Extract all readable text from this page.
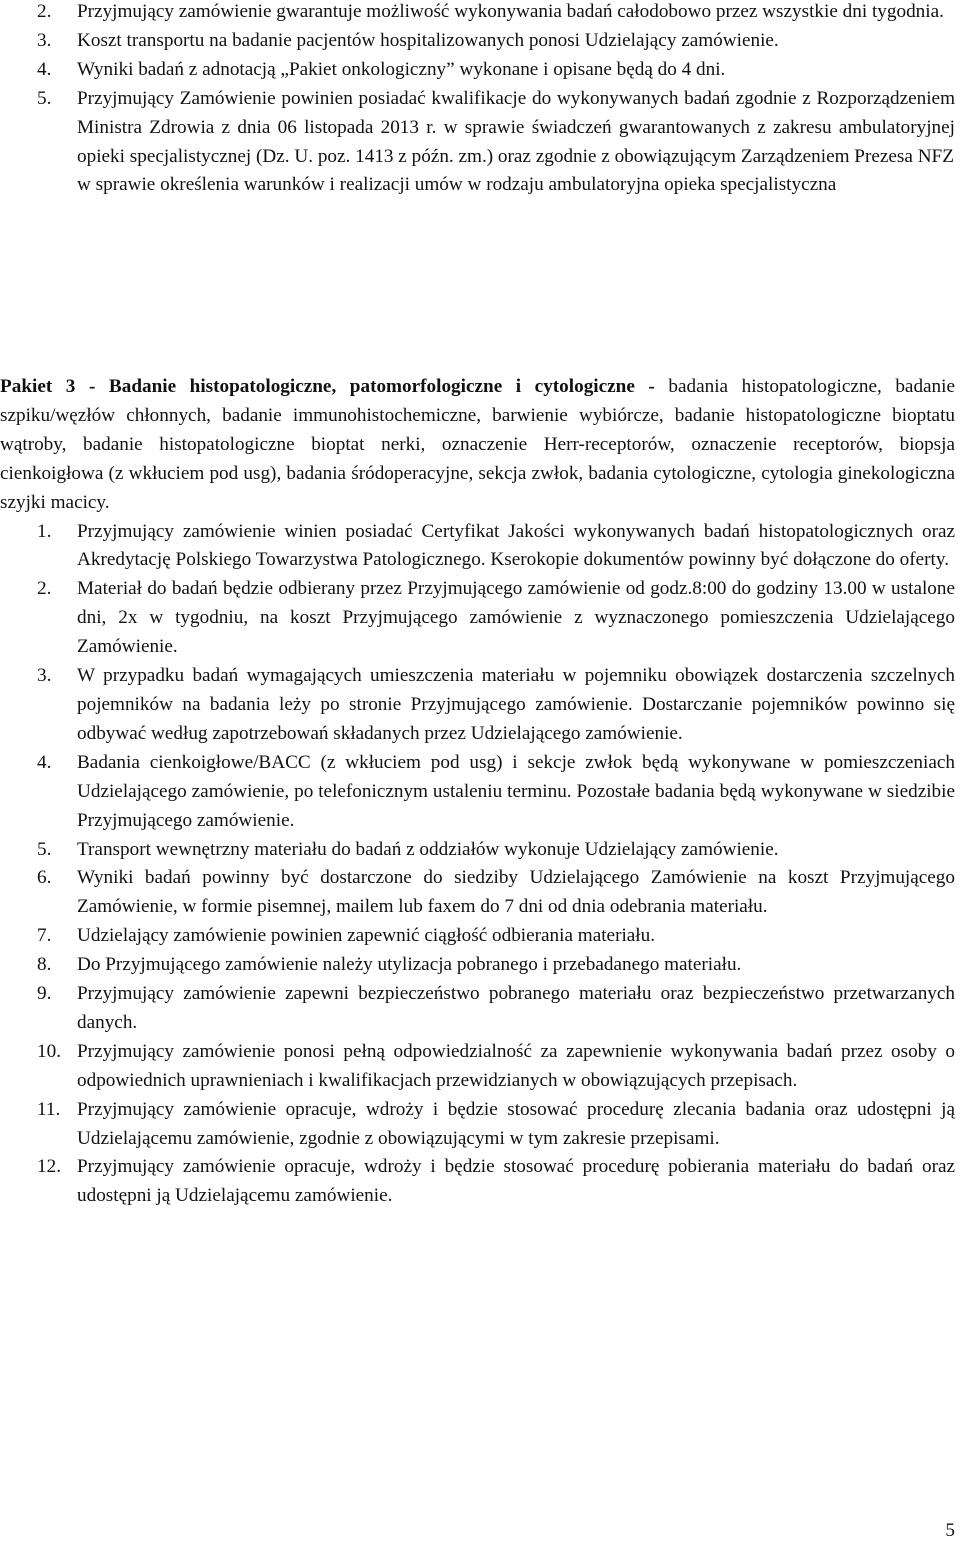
2. Przyjmujący zamówienie gwarantuje możliwość wykonywania badań całodobowo przez wszystkie dni tygodnia.
3. Koszt transportu na badanie pacjentów hospitalizowanych ponosi Udzielający zamówienie.
4. Wyniki badań z adnotacją „Pakiet onkologiczny” wykonane i opisane będą do 4 dni.
5. Przyjmujący Zamówienie powinien posiadać kwalifikacje do wykonywanych badań zgodnie z Rozporządzeniem Ministra Zdrowia z dnia 06 listopada 2013 r. w sprawie świadczeń gwarantowanych z zakresu ambulatoryjnej opieki specjalistycznej (Dz. U. poz. 1413 z późn. zm.) oraz zgodnie z obowiązującym Zarządzeniem Prezesa NFZ
w sprawie określenia warunków i realizacji umów w rodzaju ambulatoryjna opieka specjalistyczna

Pakiet 3 - Badanie histopatologiczne, patomorfologiczne i cytologiczne - badania histopatologiczne, badanie szpiku/węzłów chłonnych, badanie immunohistochemiczne, barwienie wybiórcze, badanie histopatologiczne bioptatu wątroby, badanie histopatologiczne bioptat nerki, oznaczenie Herr-receptorów, oznaczenie receptorów, biopsja cienkoigłowa (z wkłuciem pod usg), badania śródoperacyjne, sekcja zwłok, badania cytologiczne, cytologia ginekologiczna szyjki macicy.

1. Przyjmujący zamówienie winien posiadać Certyfikat Jakości wykonywanych badań histopatologicznych oraz Akredytację Polskiego Towarzystwa Patologicznego. Kserokopie dokumentów powinny być dołączone do oferty.
2. Materiał do badań będzie odbierany przez Przyjmującego zamówienie od godz.8:00 do godziny 13.00 w ustalone dni, 2x w tygodniu, na koszt Przyjmującego zamówienie z wyznaczonego pomieszczenia Udzielającego Zamówienie.
3. W przypadku badań wymagających umieszczenia materiału w pojemniku obowiązek dostarczenia szczelnych pojemników na badania leży po stronie Przyjmującego zamówienie. Dostarczanie pojemników powinno się odbywać według zapotrzebowań składanych przez Udzielającego zamówienie.
4. Badania cienkoigłowe/BACC (z wkłuciem pod usg) i sekcje zwłok będą wykonywane w pomieszczeniach Udzielającego zamówienie, po telefonicznym ustaleniu terminu. Pozostałe badania będą wykonywane w siedzibie Przyjmującego zamówienie.
5. Transport wewnętrzny materiału do badań z oddziałów wykonuje Udzielający zamówienie.
6. Wyniki badań powinny być dostarczone do siedziby Udzielającego Zamówienie na koszt Przyjmującego Zamówienie, w formie pisemnej, mailem lub faxem do 7 dni od dnia odebrania materiału.
7. Udzielający zamówienie powinien zapewnić ciągłość odbierania materiału.
8. Do Przyjmującego zamówienie należy utylizacja pobranego i przebadanego materiału.
9. Przyjmujący zamówienie zapewni bezpieczeństwo pobranego materiału oraz bezpieczeństwo przetwarzanych danych.
10. Przyjmujący zamówienie ponosi pełną odpowiedzialność za zapewnienie wykonywania badań przez osoby o odpowiednich uprawnieniach i kwalifikacjach przewidzianych w obowiązujących przepisach.
11. Przyjmujący zamówienie opracuje, wdroży i będzie stosować procedurę zlecania badania oraz udostępni ją Udzielającemu zamówienie, zgodnie z obowiązującymi w tym zakresie przepisami.
12. Przyjmujący zamówienie opracuje, wdroży i będzie stosować procedurę pobierania materiału do badań oraz udostępni ją Udzielającemu zamówienie.
5
